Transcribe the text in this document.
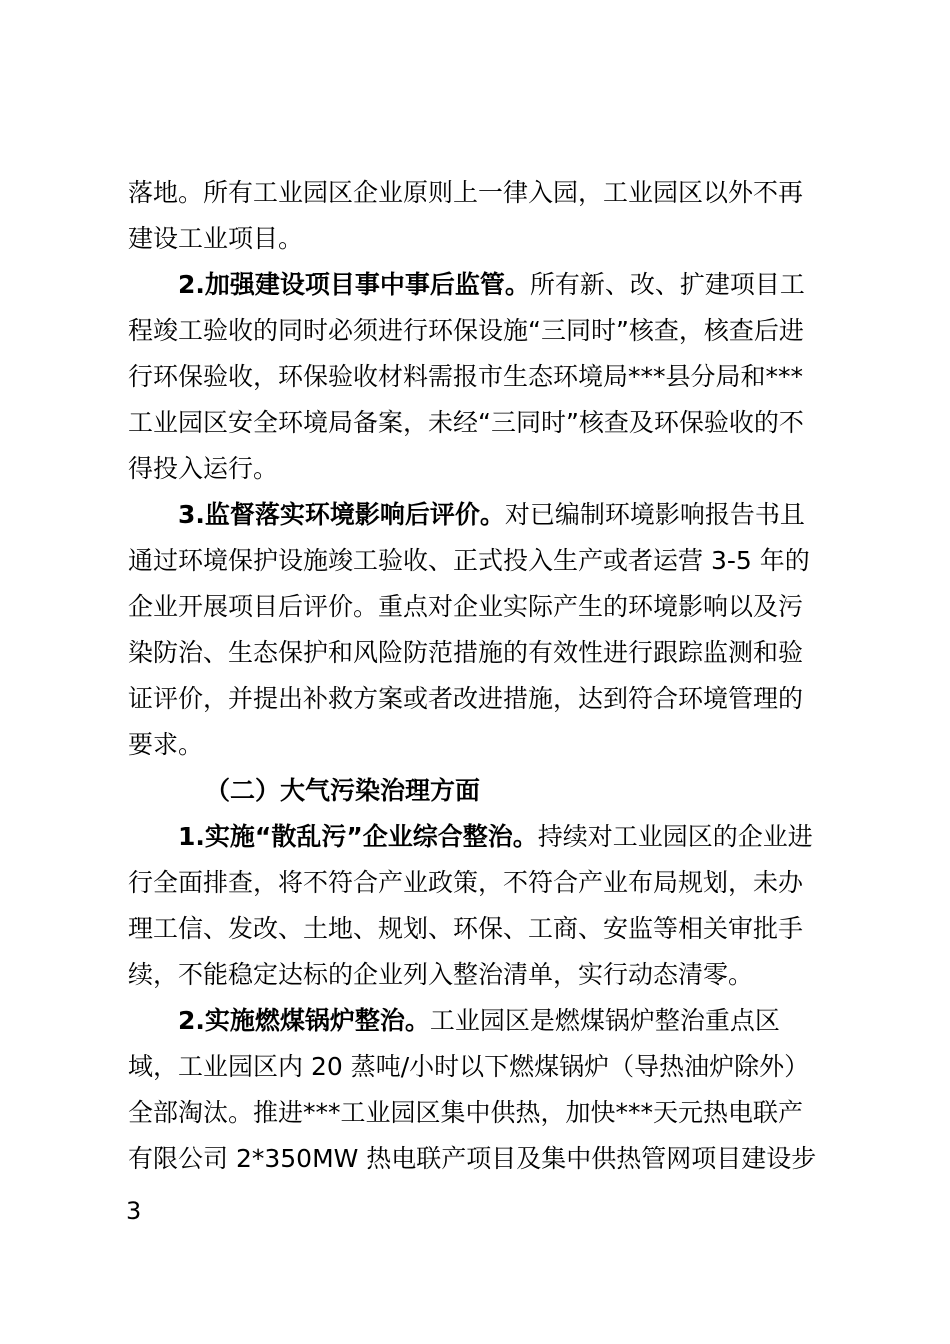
落地。所有工业园区企业原则上一律入园，工业园区以外不再
建设工业项目。
2.加强建设项目事中事后监管。所有新、改、扩建项目工
程竣工验收的同时必须进行环保设施“三同时”核查，核查后进
行环保验收，环保验收材料需报市生态环境局***县分局和***
工业园区安全环境局备案，未经“三同时”核查及环保验收的不
得投入运行。
3.监督落实环境影响后评价。对已编制环境影响报告书且
通过环境保护设施竣工验收、正式投入生产或者运营 3-5 年的
企业开展项目后评价。重点对企业实际产生的环境影响以及污
染防治、生态保护和风险防范措施的有效性进行跟踪监测和验
证评价，并提出补救方案或者改进措施，达到符合环境管理的
要求。
（二）大气污染治理方面
1.实施“散乱污”企业综合整治。持续对工业园区的企业进
行全面排查，将不符合产业政策，不符合产业布局规划，未办
理工信、发改、土地、规划、环保、工商、安监等相关审批手
续，不能稳定达标的企业列入整治清单，实行动态清零。
2.实施燃煤锅炉整治。工业园区是燃煤锅炉整治重点区
域，工业园区内 20 蒸吨/小时以下燃煤锅炉（导热油炉除外）
全部淘汰。推进***工业园区集中供热，加快***天元热电联产
有限公司 2*350MW 热电联产项目及集中供热管网项目建设步
3
